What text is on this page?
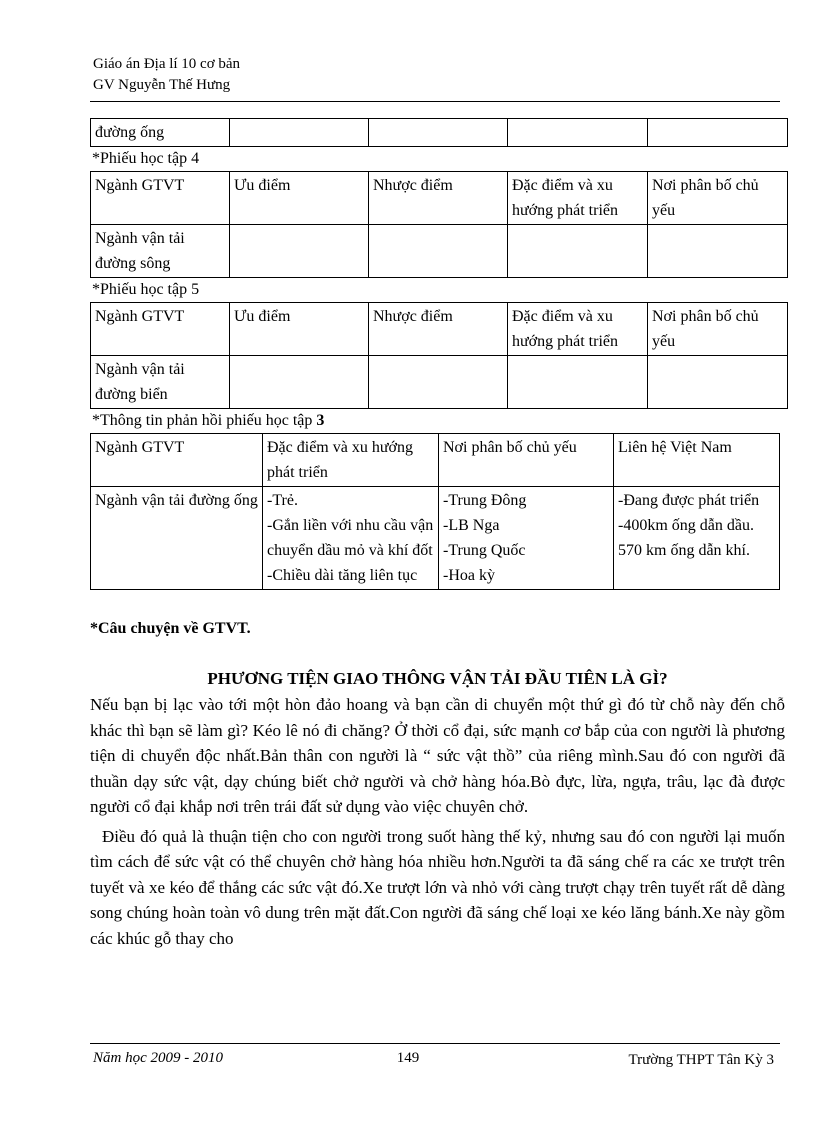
Giáo án Địa lí 10 cơ bản
GV Nguyễn Thế Hưng
đường ống				
*Phiếu học tập 4
Ngành GTVT	Ưu điểm	Nhược điểm	Đặc điểm và xu hướng phát triển	Nơi phân bố chủ yếu
Ngành vận tải đường sông				
*Phiếu học tập 5
Ngành GTVT	Ưu điểm	Nhược điểm	Đặc điểm và xu hướng phát triển	Nơi phân bố chủ yếu
Ngành vận tải đường biển				
*Thông tin phản hồi phiếu học tập 3
Ngành GTVT	Đặc điểm và xu hướng phát triển	Nơi phân bố chủ yếu	Liên hệ Việt Nam
Ngành vận tải đường ống	-Trẻ.
-Gắn liền với nhu cầu vận chuyển dầu mỏ và khí đốt
-Chiều dài tăng liên tục	-Trung Đông
-LB Nga
-Trung Quốc
-Hoa kỳ	-Đang được phát triển
-400km ống dẫn dầu.
570 km ống dẫn khí.
*Câu chuyện về GTVT.
PHƯƠNG TIỆN GIAO THÔNG VẬN TẢI ĐẦU TIÊN LÀ GÌ?

Nếu bạn bị lạc vào tới một hòn đảo hoang và bạn cần di chuyển một thứ gì đó từ chỗ này đến chỗ khác thì bạn sẽ làm gì? Kéo lê nó đi chăng? Ở thời cổ đại, sức mạnh cơ bắp của con người là phương tiện di chuyển độc nhất.Bản thân con người là “ sức vật thồ” của riêng mình.Sau đó con người đã thuần dạy sức vật, dạy chúng biết chở người và chở hàng hóa.Bò đực, lừa, ngựa, trâu, lạc đà được người cổ đại khắp nơi trên trái đất sử dụng vào việc chuyên chở.

Điều đó quả là thuận tiện cho con người trong suốt hàng thế kỷ, nhưng sau đó con người lại muốn tìm cách để sức vật có thể chuyên chở hàng hóa nhiều hơn.Người ta đã sáng chế ra các xe trượt trên tuyết và xe kéo để thắng các sức vật đó.Xe trượt lớn và nhỏ với càng trượt chạy trên tuyết rất dễ dàng song chúng hoàn toàn vô dung trên mặt đất.Con người đã sáng chế loại xe kéo lăng bánh.Xe này gồm các khúc gỗ thay cho

Năm học 2009 - 2010	149	Trường THPT Tân Kỳ 3
